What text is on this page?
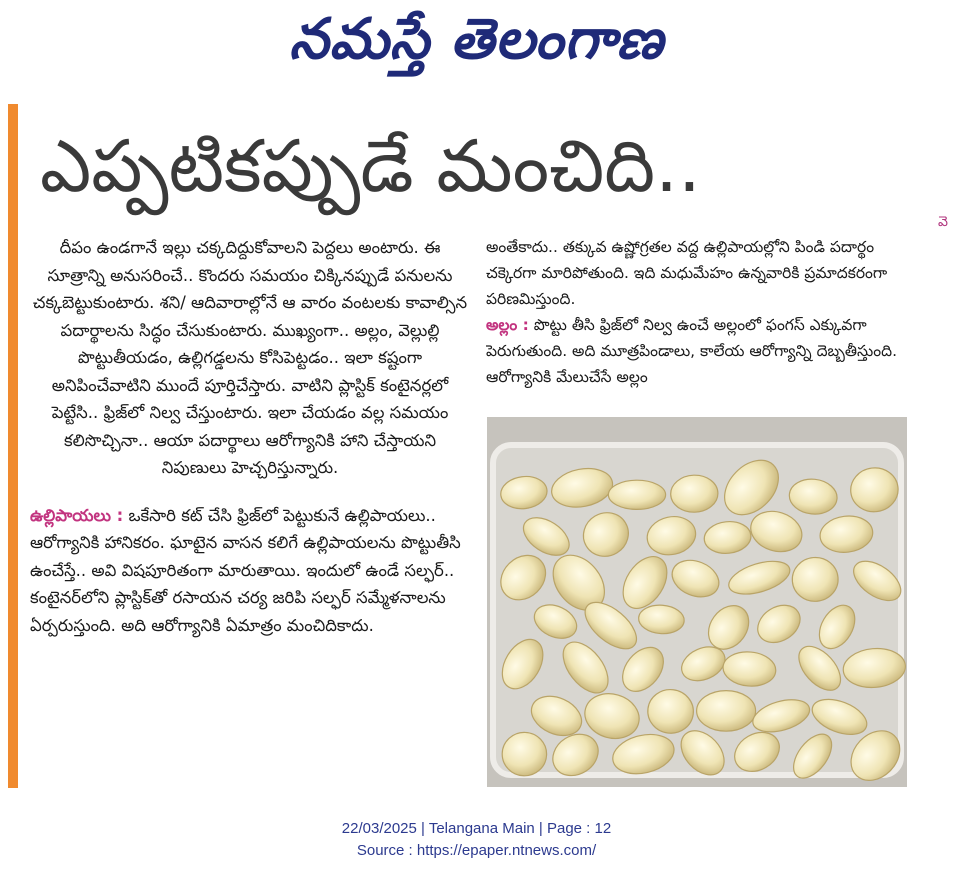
నమస్తే తెలంగాణ
ఎప్పటికప్పుడే మంచిది..
వె

దీపం ఉండగానే ఇల్లు చక్కదిద్దుకోవాలని పెద్దలు అంటారు. ఈ సూత్రాన్ని అనుసరించే.. కొందరు సమయం చిక్కినప్పుడే పనులను చక్కబెట్టుకుంటారు. శని/ ఆదివారాల్లోనే ఆ వారం వంటలకు కావాల్సిన పదార్థాలను సిద్ధం చేసుకుంటారు. ముఖ్యంగా.. అల్లం, వెల్లుల్లి పొట్టుతీయడం, ఉల్లిగడ్డలను కోసిపెట్టడం.. ఇలా కష్టంగా అనిపించేవాటిని ముందే పూర్తిచేస్తారు. వాటిని ప్లాస్టిక్ కంటైనర్లలో పెట్టేసి.. ఫ్రిజ్‌లో నిల్వ చేస్తుంటారు. ఇలా చేయడం వల్ల సమయం కలిసొచ్చినా.. ఆయా పదార్థాలు ఆరోగ్యానికి హాని చేస్తాయని నిపుణులు హెచ్చరిస్తున్నారు.

ఉల్లిపాయలు : ఒకేసారి కట్ చేసి ఫ్రిజ్‌లో పెట్టుకునే ఉల్లిపాయలు.. ఆరోగ్యానికి హానికరం. ఘాటైన వాసన కలిగే ఉల్లిపాయలను పొట్టుతీసి ఉంచేస్తే.. అవి విషపూరితంగా మారుతాయి. ఇందులో ఉండే సల్ఫర్.. కంటైనర్‌లోని ప్లాస్టిక్‌తో రసాయన చర్య జరిపి సల్ఫర్ సమ్మేళనాలను ఏర్పరుస్తుంది. అది ఆరోగ్యానికి ఏమాత్రం మంచిదికాదు.

అంతేకాదు.. తక్కువ ఉష్ణోగ్రతల వద్ద ఉల్లిపాయల్లోని పిండి పదార్థం చక్కెరగా మారిపోతుంది. ఇది మధుమేహం ఉన్నవారికి ప్రమాదకరంగా పరిణమిస్తుంది.

అల్లం : పొట్టు తీసి ఫ్రిజ్‌లో నిల్వ ఉంచే అల్లంలో ఫంగస్ ఎక్కువగా పెరుగుతుంది. అది మూత్రపిండాలు, కాలేయ ఆరోగ్యాన్ని దెబ్బతీస్తుంది. ఆరోగ్యానికి మేలుచేసే అల్లం

22/03/2025 | Telangana Main | Page : 12
Source : https://epaper.ntnews.com/
